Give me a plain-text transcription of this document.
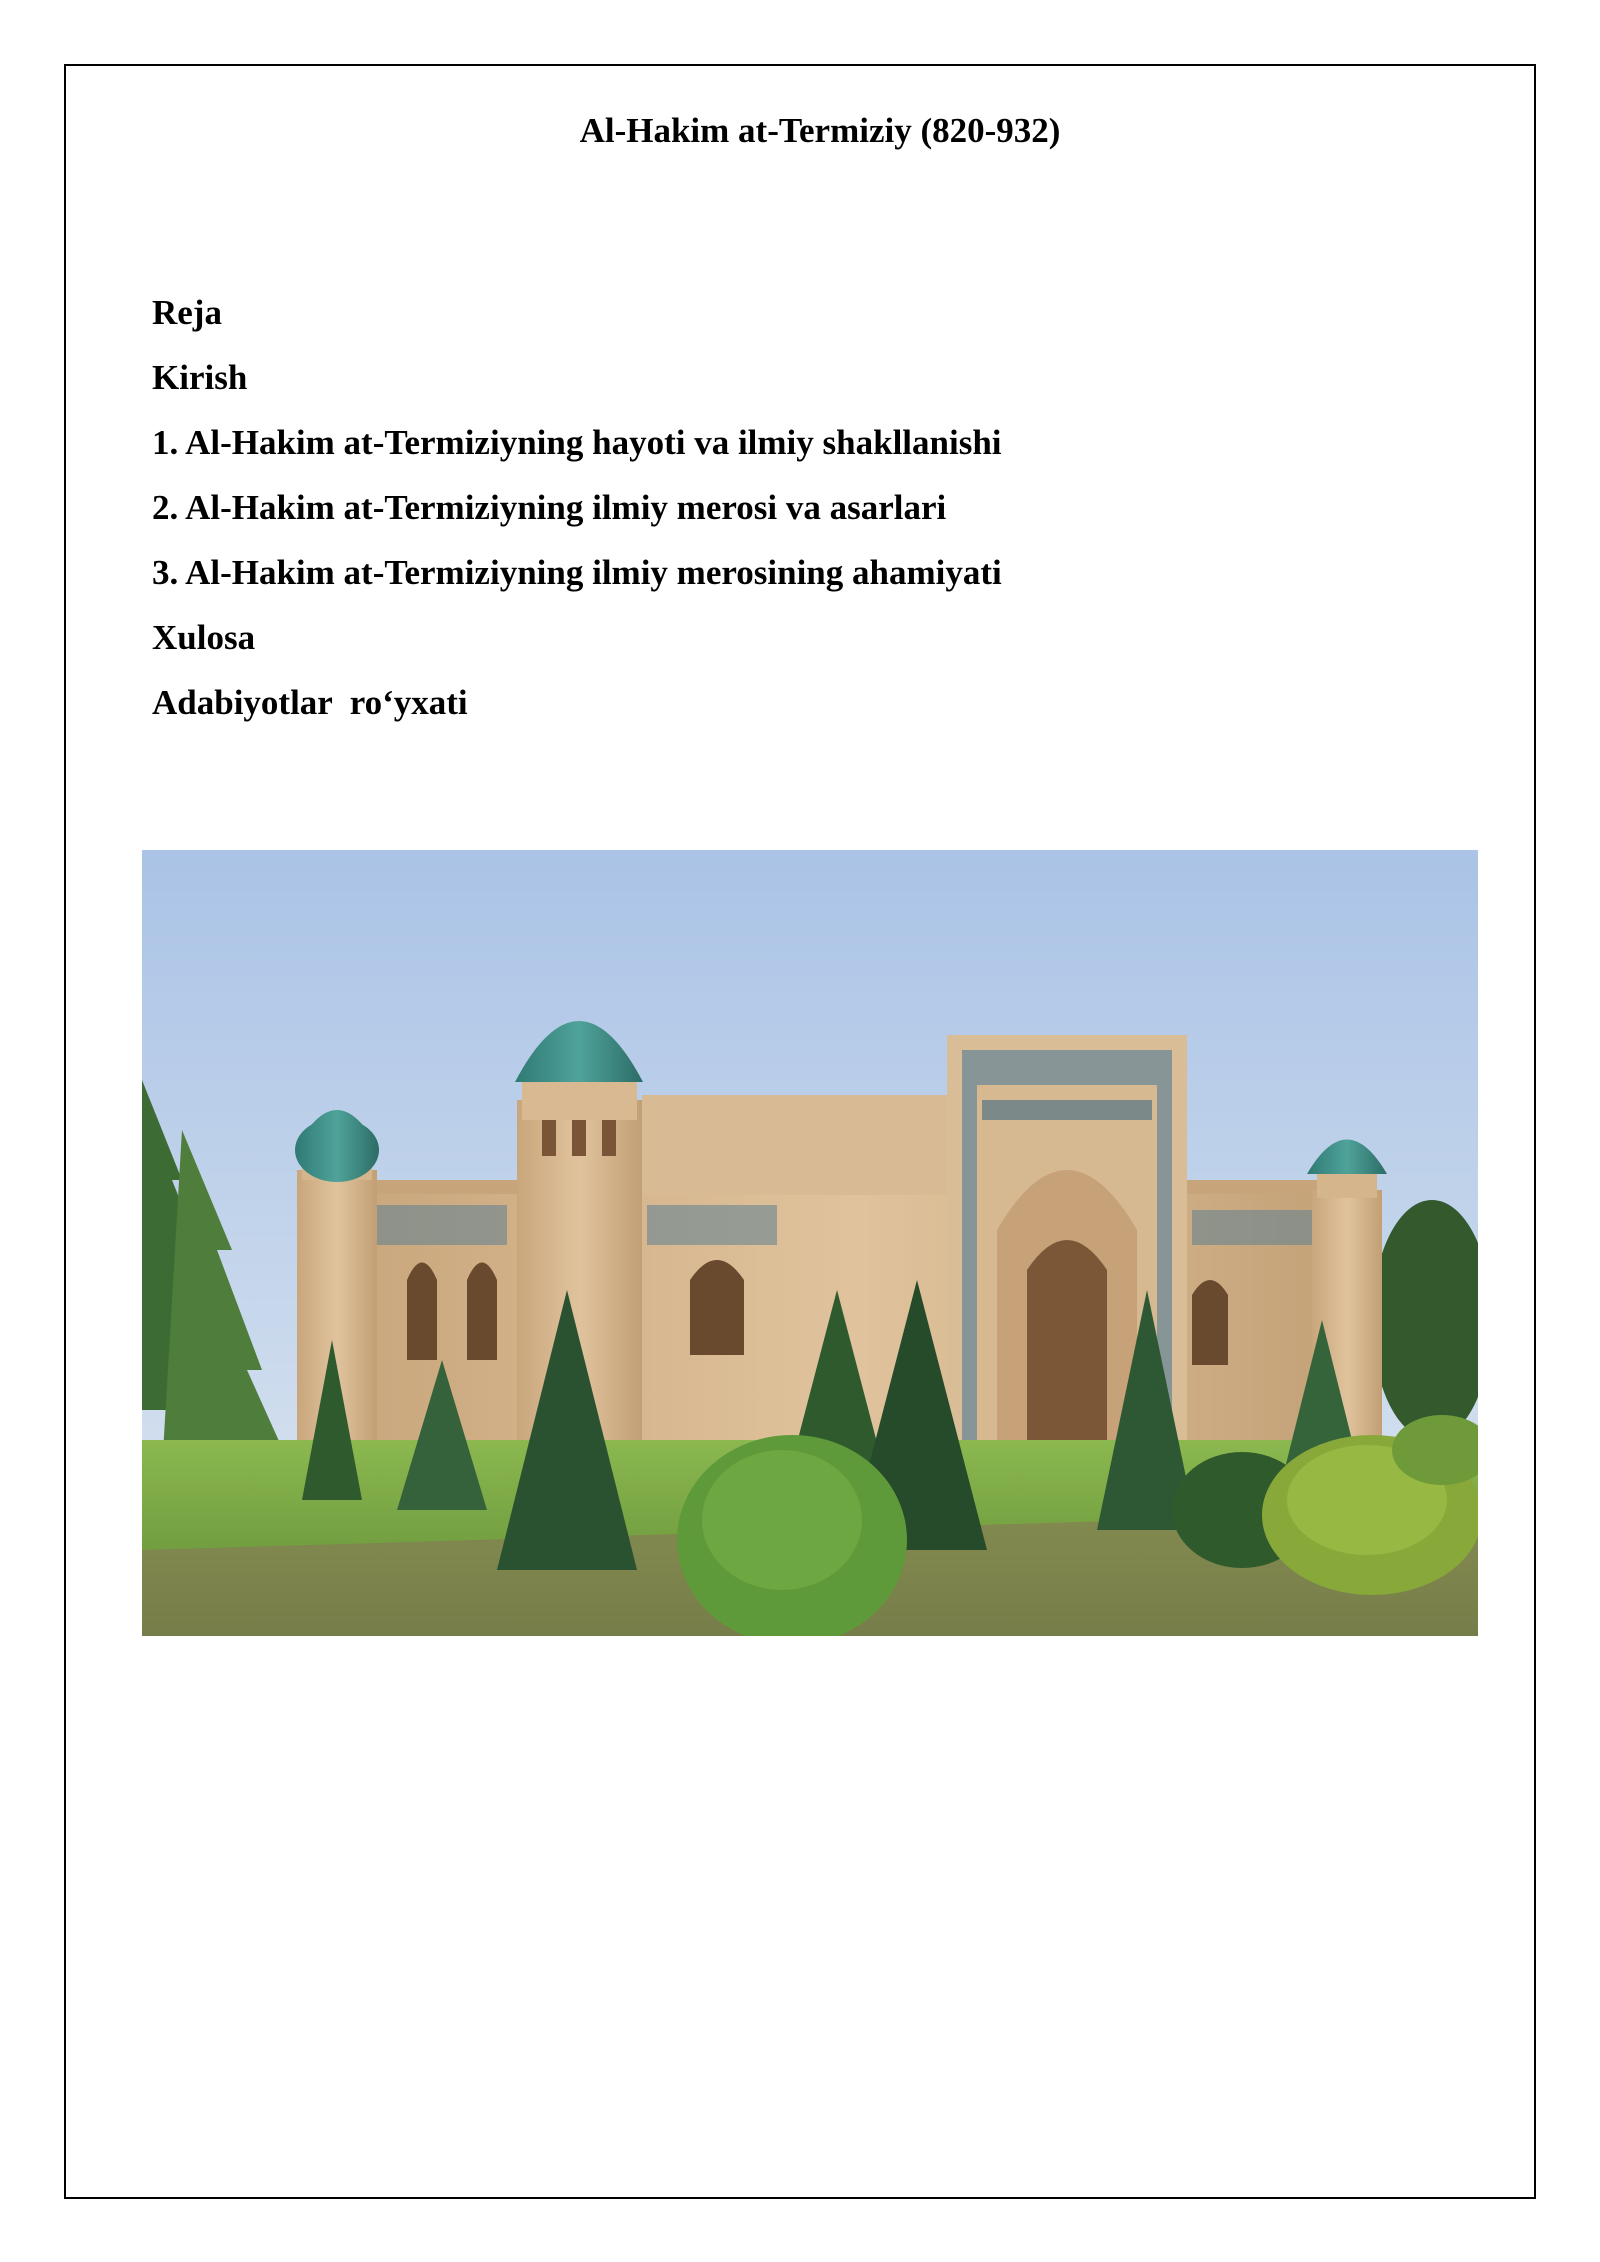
Al-Hakim at-Termiziy (820-932)
Reja
Kirish
1. Al-Hakim at-Termiziyning hayoti va ilmiy shakllanishi
2. Al-Hakim at-Termiziyning ilmiy merosi va asarlari
3. Al-Hakim at-Termiziyning ilmiy merosining ahamiyati
Xulosa
Adabiyotlar  ro‘yxati
